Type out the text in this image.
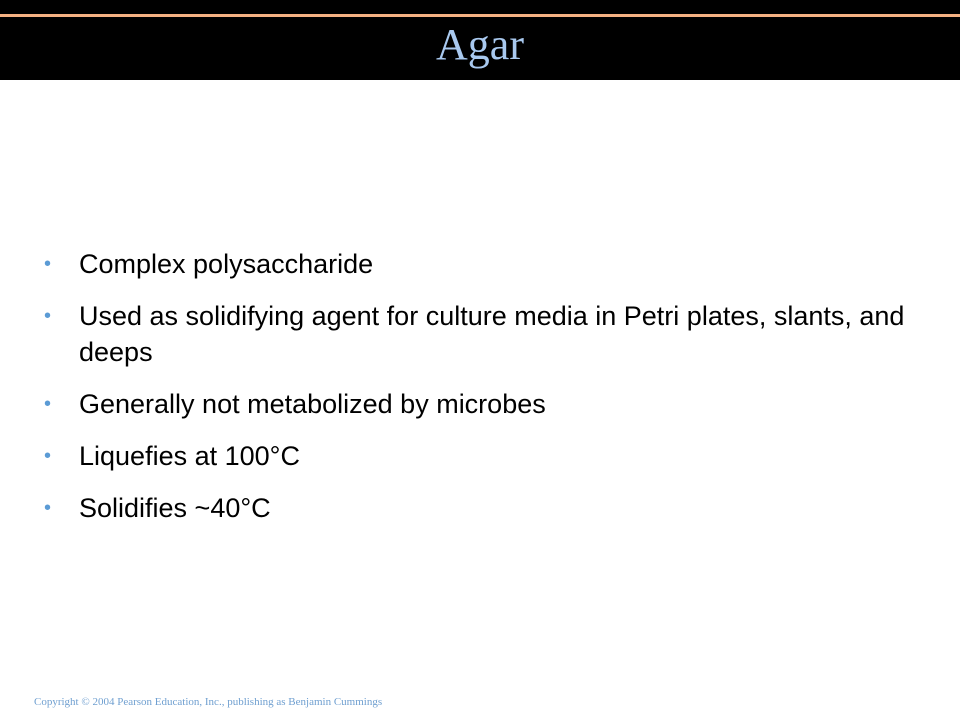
Agar
• Complex polysaccharide
• Used as solidifying agent for culture media in Petri plates, slants, and deeps
• Generally not metabolized by microbes
• Liquefies at 100°C
• Solidifies ~40°C
Copyright © 2004 Pearson Education, Inc., publishing as Benjamin Cummings
